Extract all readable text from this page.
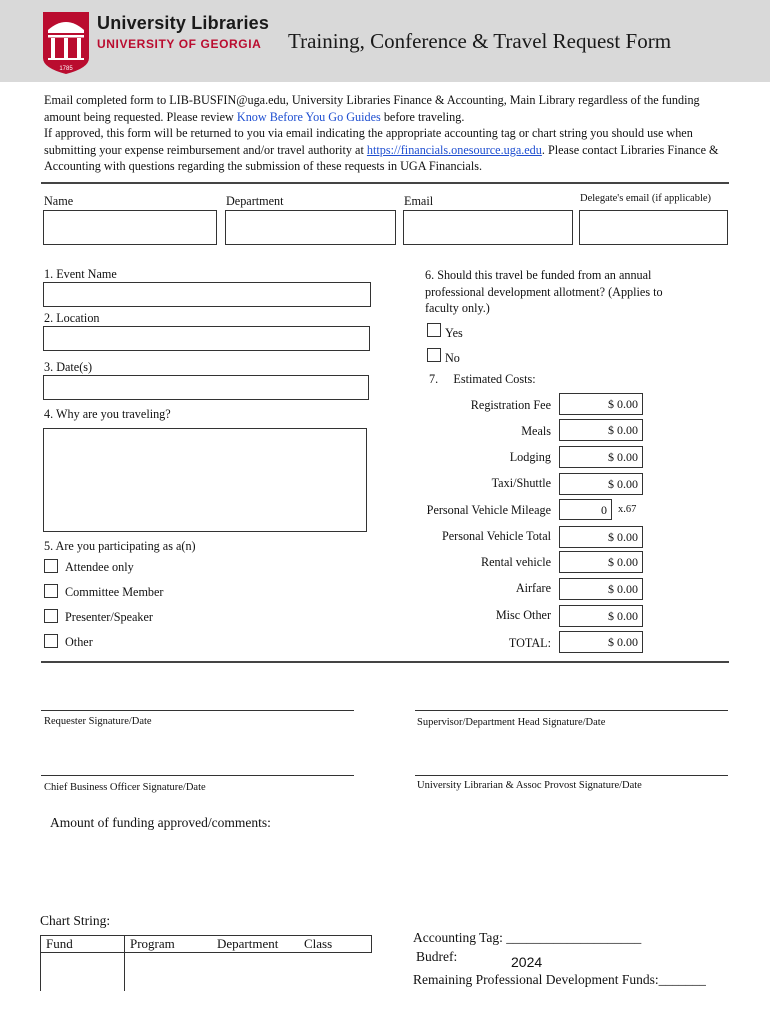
1785
University Libraries
UNIVERSITY OF GEORGIA Training, Conference & Travel Request Form

Email completed form to LIB-BUSFIN@uga.edu, University Libraries Finance & Accounting, Main Library regardless of the funding amount being requested. Please review Know Before You Go Guides before traveling.

If approved, this form will be returned to you via email indicating the appropriate accounting tag or chart string you should use when submitting your expense reimbursement and/or travel authority at https://financials.onesource.uga.edu. Please contact Libraries Finance & Accounting with questions regarding the submission of these requests in UGA Financials.

Name	Department	Email	Delegate's email (if applicable)
1. Event Name
2. Location
3. Date(s)
4. Why are you traveling?
5. Are you participating as a(n)
Attendee only
Committee Member
Presenter/Speaker
Other
6. Should this travel be funded from an annual professional development allotment? (Applies to faculty only.)
Yes
No
7.     Estimated Costs:
Registration Fee	$ 0.00
Meals	$ 0.00
Lodging	$ 0.00
Taxi/Shuttle	$ 0.00
Personal Vehicle Mileage	0	x.67
Personal Vehicle Total	$ 0.00
Rental vehicle	$ 0.00
Airfare	$ 0.00
Misc Other	$ 0.00
TOTAL:	$ 0.00
Requester Signature/Date	Supervisor/Department Head Signature/Date
Chief Business Officer Signature/Date	University Librarian & Assoc Provost Signature/Date
Amount of funding approved/comments:
Chart String:
Fund	Program	Department	Class
				Accounting Tag: ____________________
Budref:	2024
Remaining Professional Development Funds:_______
